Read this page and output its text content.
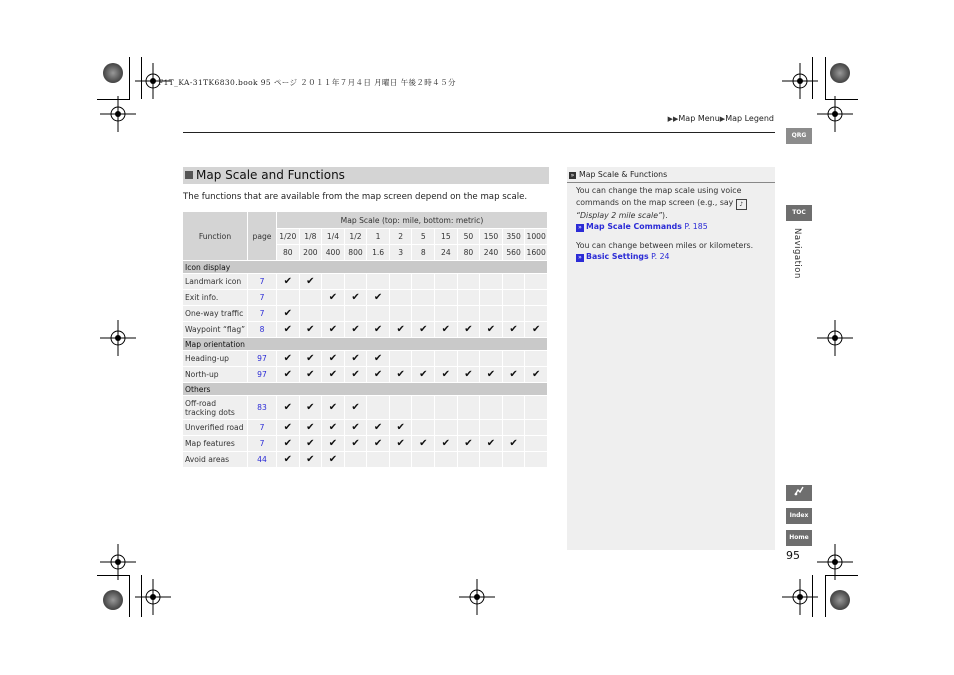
F1T_KA-31TK6830.book 95 ページ ２０１１年７月４日 月曜日 午後２時４５分
▶▶Map Menu▶Map Legend
QRG
TOC
Navigation
Index
Home
95
Map Scale and Functions
The functions that are available from the map screen depend on the map scale.
Function	page	Map Scale (top: mile, bottom: metric)											
		1/20	1/8	1/4	1/2	1	2	5	15	50	150	350	1000
		80	200	400	800	1.6	3	8	24	80	240	560	1600
Icon display													
Landmark icon	7	✔	✔										
Exit info.	7			✔	✔	✔							
One-way traffic	7	✔											
Waypoint “flag”	8	✔	✔	✔	✔	✔	✔	✔	✔	✔	✔	✔	✔
Map orientation													
Heading-up	97	✔	✔	✔	✔	✔							
North-up	97	✔	✔	✔	✔	✔	✔	✔	✔	✔	✔	✔	✔
Others													
Off-road tracking dots	83	✔	✔	✔	✔								
Unverified road	7	✔	✔	✔	✔	✔	✔						
Map features	7	✔	✔	✔	✔	✔	✔	✔	✔	✔	✔	✔	
Avoid areas	44	✔	✔	✔									
» Map Scale & Functions

You can change the map scale using voice commands on the map screen (e.g., say ♪
“Display 2 mile scale”).

» Map Scale Commands P. 185

You can change between miles or kilometers.

» Basic Settings P. 24
